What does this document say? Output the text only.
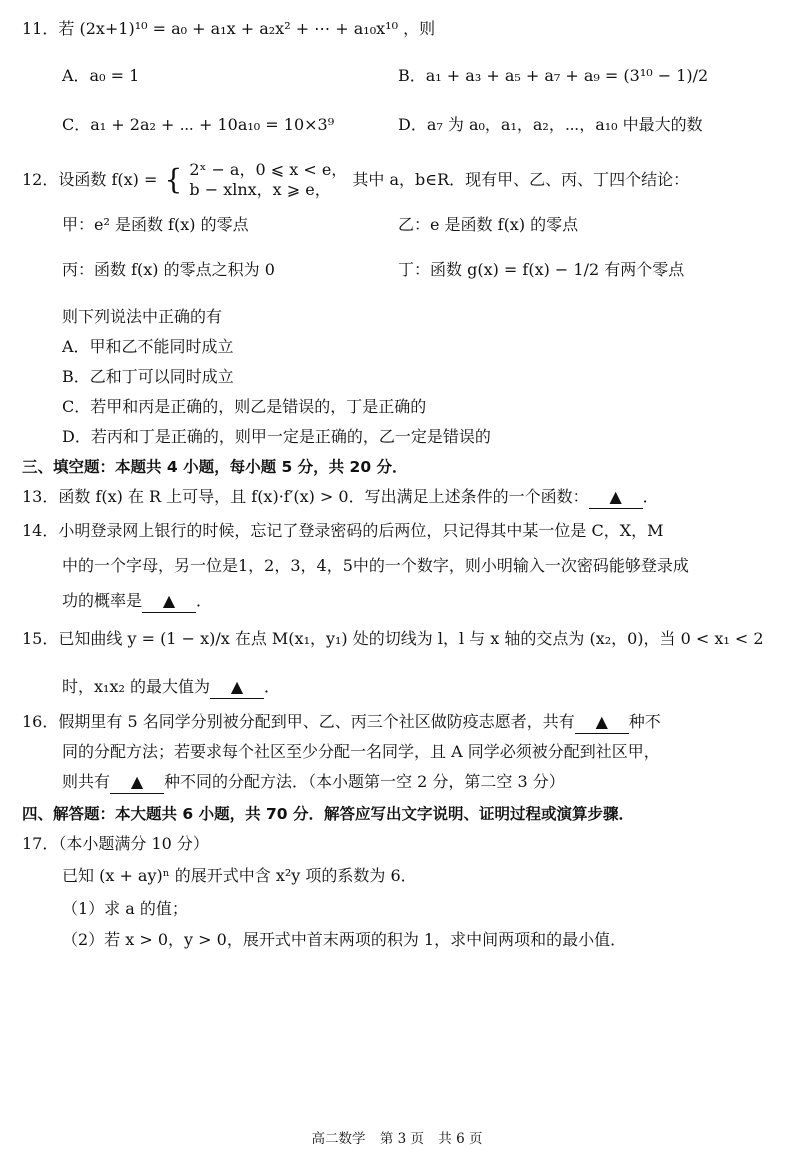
11．若 (2x+1)¹⁰ = a₀ + a₁x + a₂x² + ⋯ + a₁₀x¹⁰ ，则
A．a₀ = 1	B．a₁ + a₃ + a₅ + a₇ + a₉ = (3¹⁰ − 1)/2
C．a₁ + 2a₂ + ⋯ + 10a₁₀ = 10×3⁹	D．a₇ 为 a₀，a₁，a₂，⋯，a₁₀ 中最大的数
12．设函数 f(x) = { 2ˣ − a，0 ⩽ x < e，
b − xlnx，x ⩾ e，
其中 a，b∈R．现有甲、乙、丙、丁四个结论：
甲：e² 是函数 f(x) 的零点	乙：e 是函数 f(x) 的零点
丙：函数 f(x) 的零点之积为 0	丁：函数 g(x) = f(x) − 1/2 有两个零点
则下列说法中正确的有
A．甲和乙不能同时成立
B．乙和丁可以同时成立
C．若甲和丙是正确的，则乙是错误的，丁是正确的
D．若丙和丁是正确的，则甲一定是正确的，乙一定是错误的
三、填空题：本题共 4 小题，每小题 5 分，共 20 分．
13．函数 f(x) 在 R 上可导，且 f(x)·f′(x) > 0．写出满足上述条件的一个函数： ▲ ．
14．小明登录网上银行的时候，忘记了登录密码的后两位，只记得其中某一位是 C，X，M
中的一个字母，另一位是1，2，3，4，5中的一个数字，则小明输入一次密码能够登录成
功的概率是 ▲ ．
15．已知曲线 y = (1 − x)/x 在点 M(x₁，y₁) 处的切线为 l，l 与 x 轴的交点为 (x₂，0)，当 0 < x₁ < 2
时，x₁x₂ 的最大值为 ▲ ．
16．假期里有 5 名同学分别被分配到甲、乙、丙三个社区做防疫志愿者，共有 ▲ 种不
同的分配方法；若要求每个社区至少分配一名同学，且 A 同学必须被分配到社区甲，
则共有 ▲ 种不同的分配方法．（本小题第一空 2 分，第二空 3 分）
四、解答题：本大题共 6 小题，共 70 分．解答应写出文字说明、证明过程或演算步骤．
17．（本小题满分 10 分）
已知 (x + ay)ⁿ 的展开式中含 x²y 项的系数为 6．
（1）求 a 的值；
（2）若 x > 0，y > 0，展开式中首末两项的积为 1，求中间两项和的最小值．
高二数学 第 3 页 共 6 页
